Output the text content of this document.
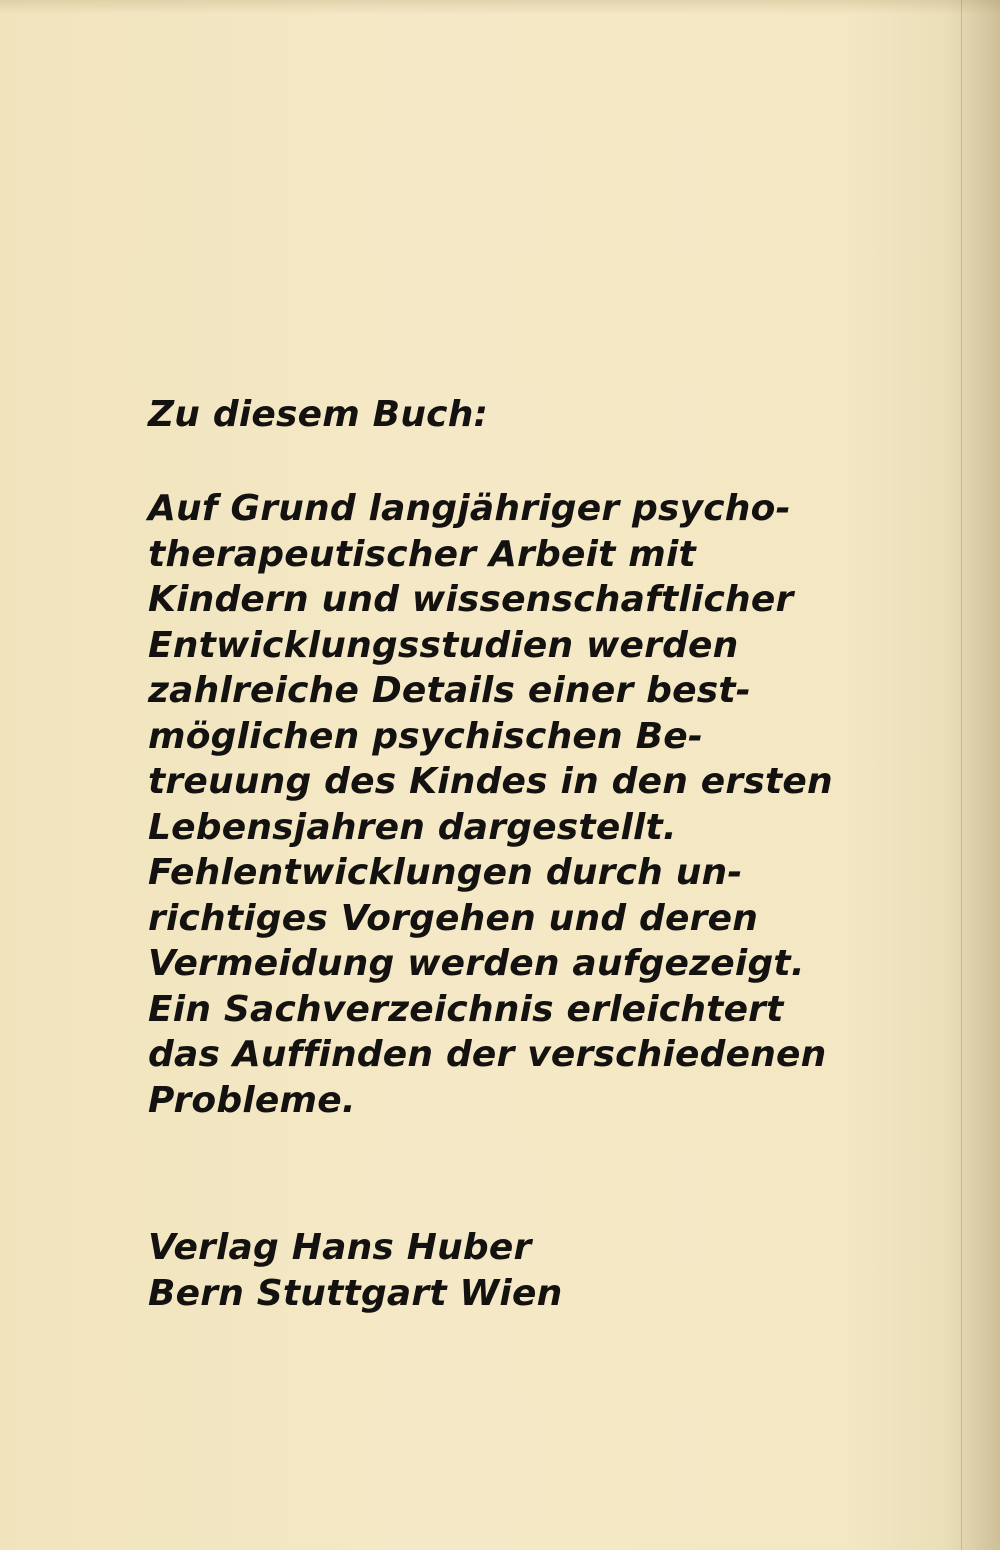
Zu diesem Buch:
Auf Grund langjähriger psycho-
therapeutischer Arbeit mit
Kindern und wissenschaftlicher
Entwicklungsstudien werden
zahlreiche Details einer best-
möglichen psychischen Be-
treuung des Kindes in den ersten
Lebensjahren dargestellt.
Fehlentwicklungen durch un-
richtiges Vorgehen und deren
Vermeidung werden aufgezeigt.
Ein Sachverzeichnis erleichtert
das Auffinden der verschiedenen
Probleme.
Verlag Hans Huber
Bern Stuttgart Wien
